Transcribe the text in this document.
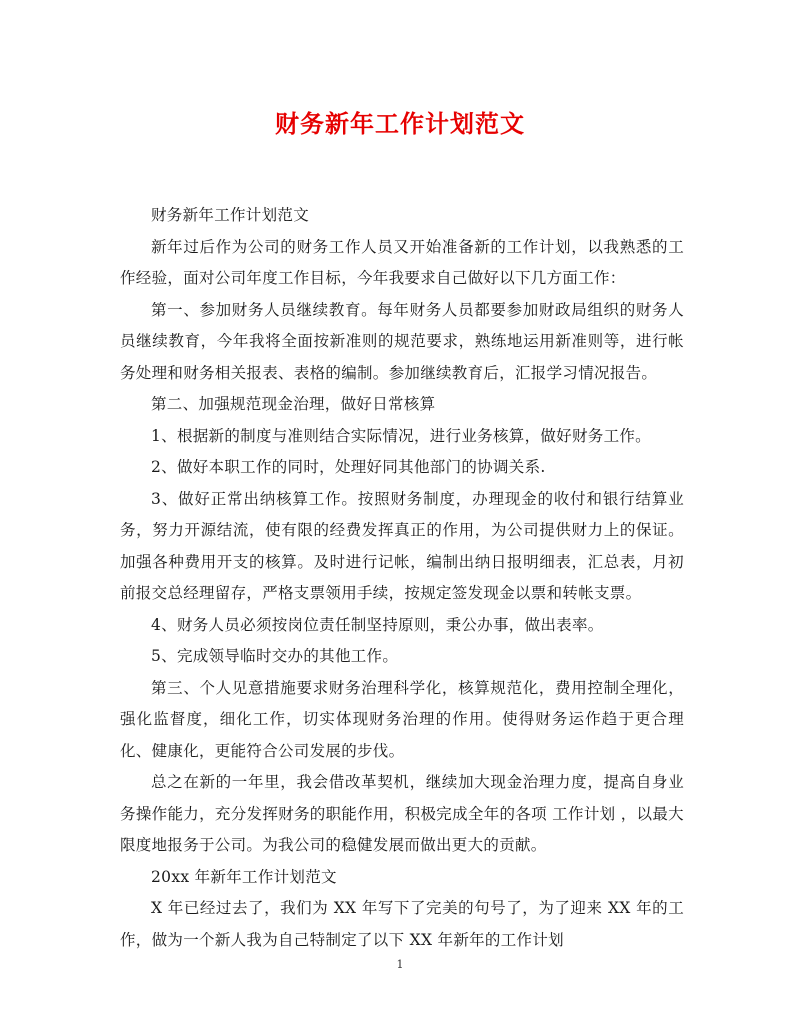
财务新年工作计划范文

财务新年工作计划范文

新年过后作为公司的财务工作人员又开始准备新的工作计划，以我熟悉的工作经验，面对公司年度工作目标，今年我要求自己做好以下几方面工作：

第一、参加财务人员继续教育。每年财务人员都要参加财政局组织的财务人员继续教育，今年我将全面按新准则的规范要求，熟练地运用新准则等，进行帐务处理和财务相关报表、表格的编制。参加继续教育后，汇报学习情况报告。

第二、加强规范现金治理，做好日常核算

1、根据新的制度与准则结合实际情况，进行业务核算，做好财务工作。

2、做好本职工作的同时，处理好同其他部门的协调关系.

3、做好正常出纳核算工作。按照财务制度，办理现金的收付和银行结算业务，努力开源结流，使有限的经费发挥真正的作用，为公司提供财力上的保证。加强各种费用开支的核算。及时进行记帐，编制出纳日报明细表，汇总表，月初前报交总经理留存，严格支票领用手续，按规定签发现金以票和转帐支票。

4、财务人员必须按岗位责任制坚持原则，秉公办事，做出表率。

5、完成领导临时交办的其他工作。

第三、个人见意措施要求财务治理科学化，核算规范化，费用控制全理化，强化监督度，细化工作，切实体现财务治理的作用。使得财务运作趋于更合理化、健康化，更能符合公司发展的步伐。

总之在新的一年里，我会借改革契机，继续加大现金治理力度，提高自身业务操作能力，充分发挥财务的职能作用，积极完成全年的各项 工作计划 ，以最大限度地报务于公司。为我公司的稳健发展而做出更大的贡献。

20xx 年新年工作计划范文

X 年已经过去了，我们为 XX 年写下了完美的句号了，为了迎来 XX 年的工作，做为一个新人我为自己特制定了以下 XX 年新年的工作计划

1
